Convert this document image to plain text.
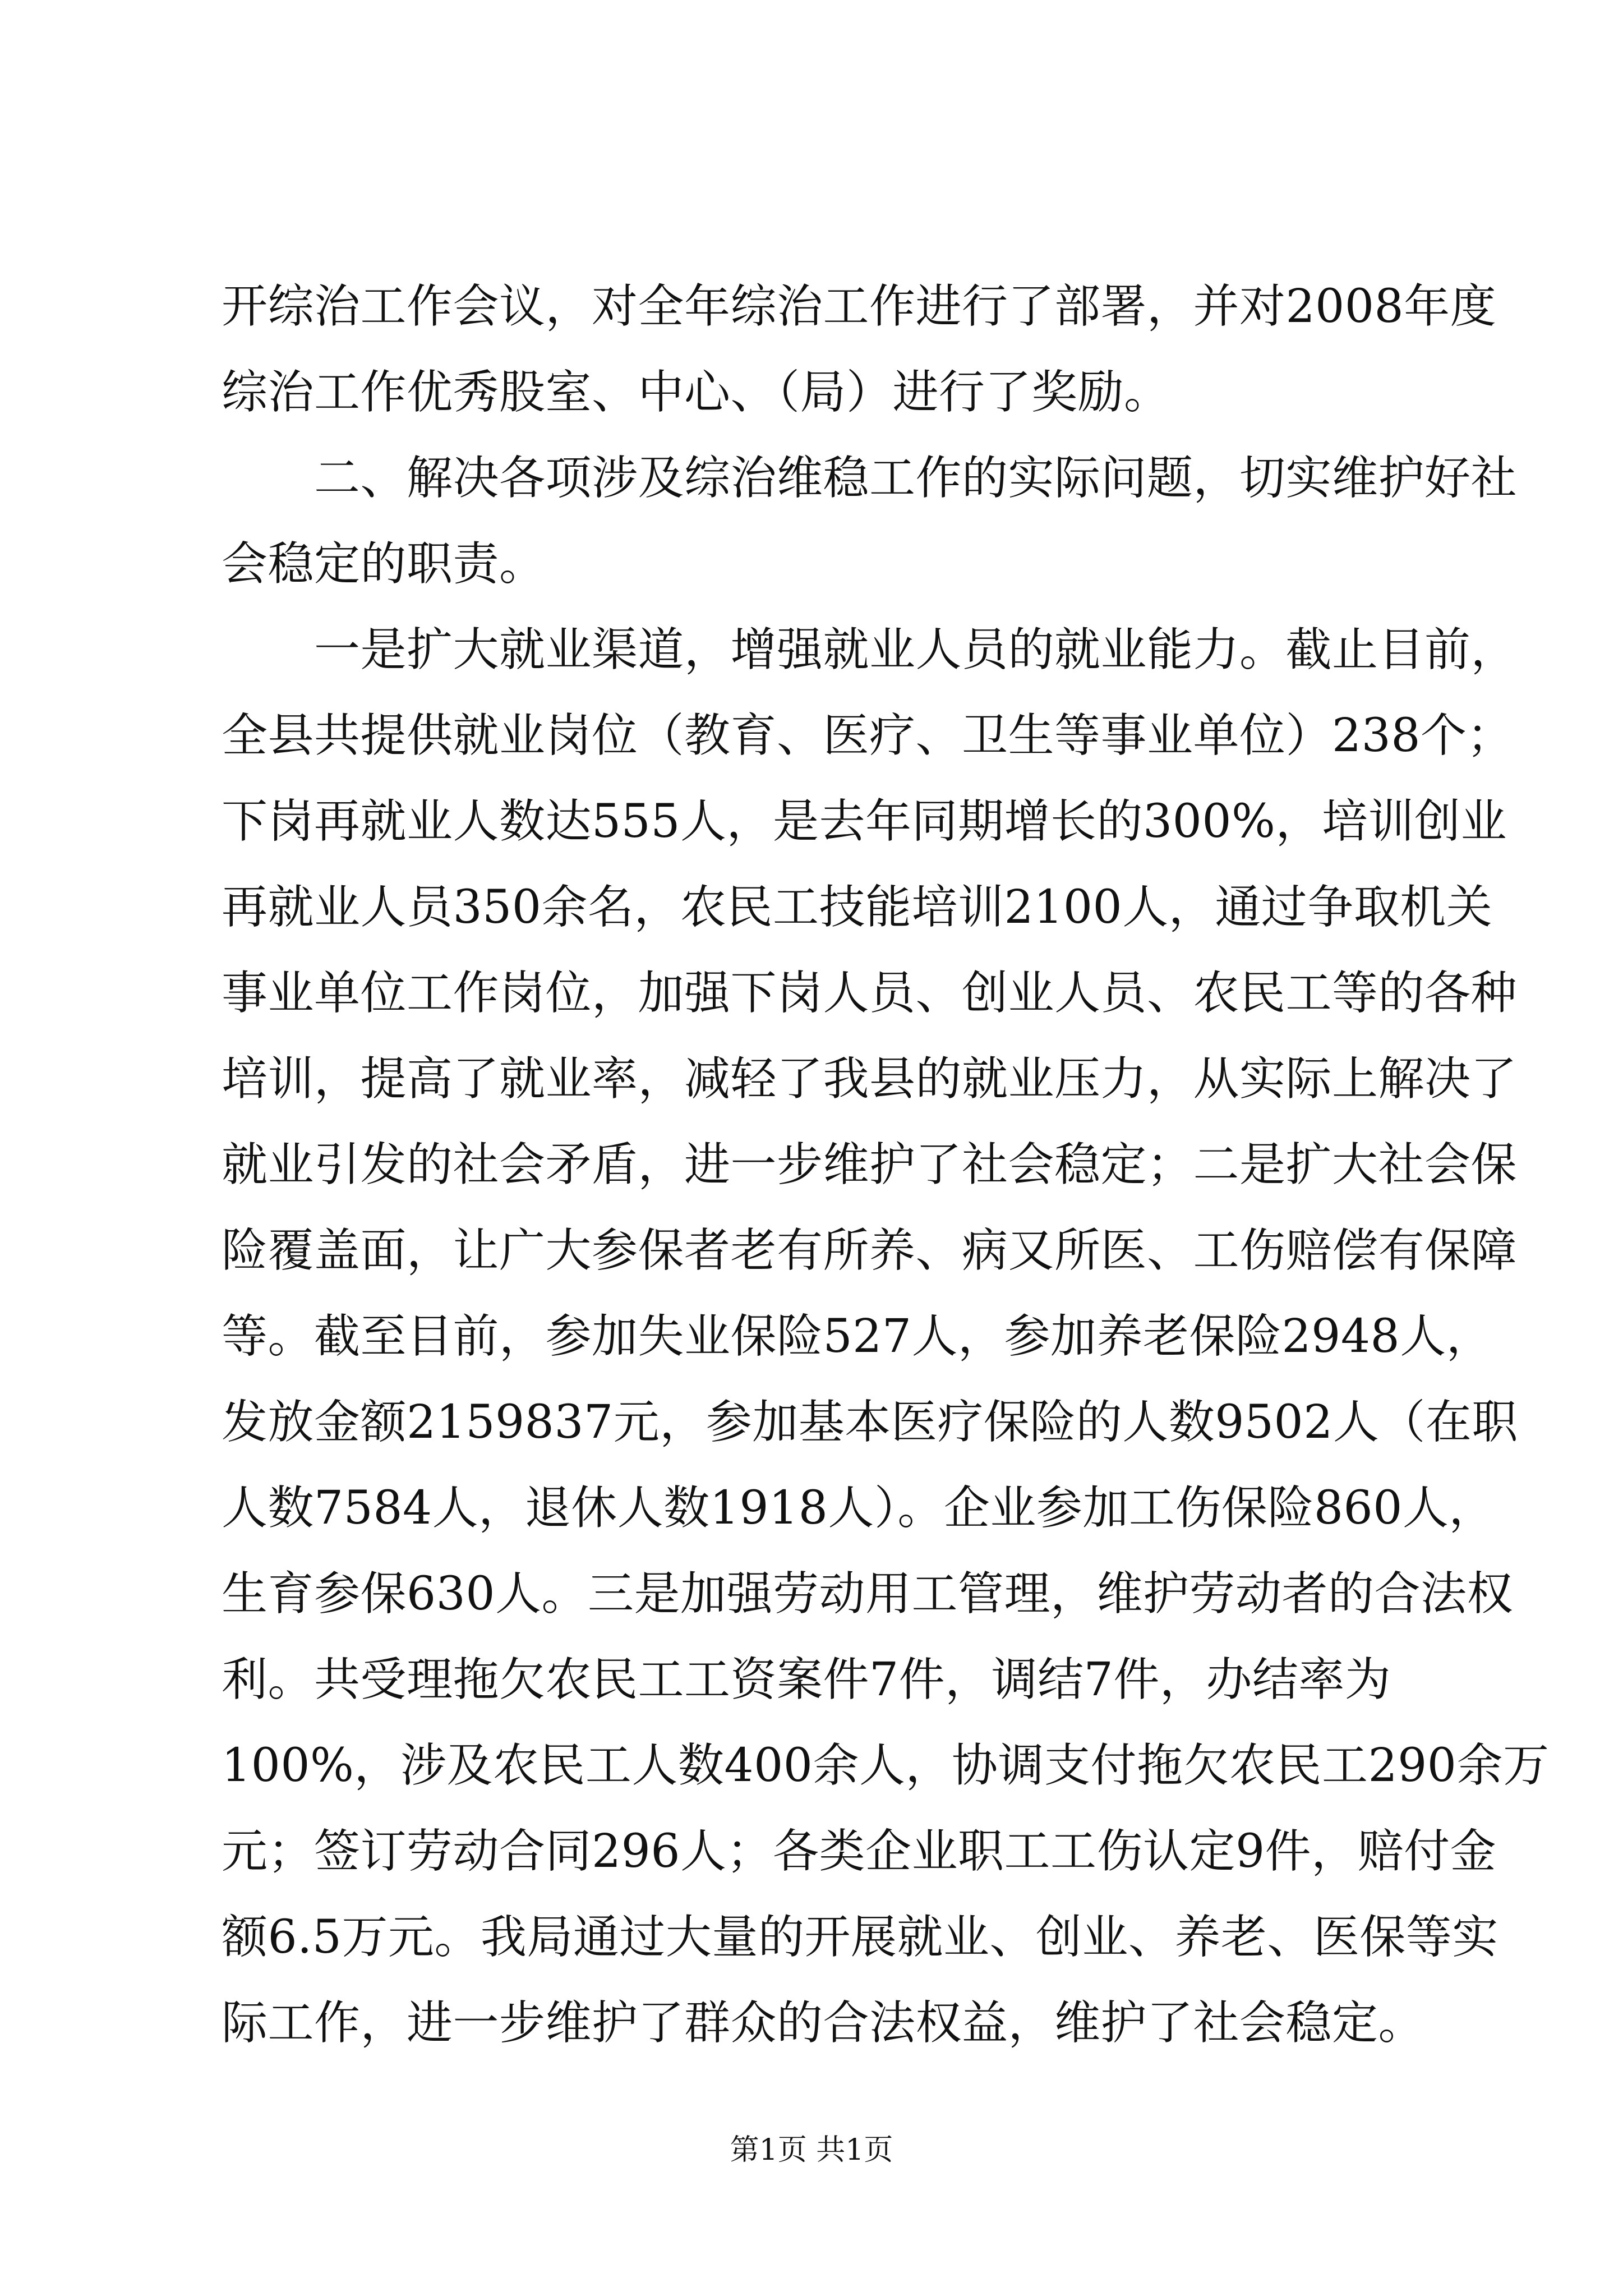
开综治工作会议，对全年综治工作进行了部署，并对2008年度
综治工作优秀股室、中心、（局）进行了奖励。
二、解决各项涉及综治维稳工作的实际问题，切实维护好社
会稳定的职责。
一是扩大就业渠道，增强就业人员的就业能力。截止目前，
全县共提供就业岗位（教育、医疗、卫生等事业单位）238个；
下岗再就业人数达555人，是去年同期增长的300%，培训创业
再就业人员350余名，农民工技能培训2100人，通过争取机关
事业单位工作岗位，加强下岗人员、创业人员、农民工等的各种
培训，提高了就业率，减轻了我县的就业压力，从实际上解决了
就业引发的社会矛盾，进一步维护了社会稳定；二是扩大社会保
险覆盖面，让广大参保者老有所养、病又所医、工伤赔偿有保障
等。截至目前，参加失业保险527人，参加养老保险2948人，
发放金额2159837元，参加基本医疗保险的人数9502人（在职
人数7584人，退休人数1918人）。企业参加工伤保险860人，
生育参保630人。三是加强劳动用工管理，维护劳动者的合法权
利。共受理拖欠农民工工资案件7件，调结7件，办结率为
100%，涉及农民工人数400余人，协调支付拖欠农民工290余万
元；签订劳动合同296人；各类企业职工工伤认定9件，赔付金
额6.5万元。我局通过大量的开展就业、创业、养老、医保等实
际工作，进一步维护了群众的合法权益，维护了社会稳定。
第1页 共1页
